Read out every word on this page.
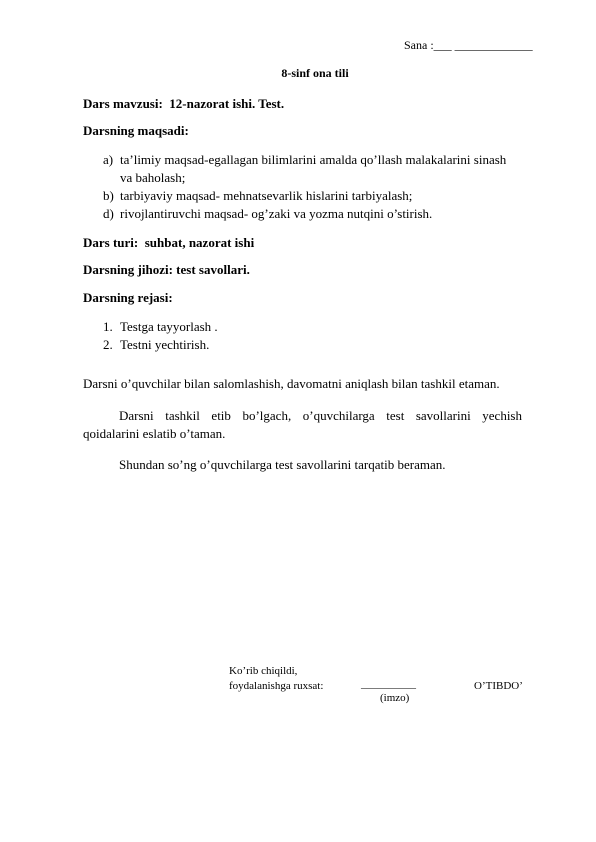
Sana :___ _____________
8-sinf ona tili
Dars mavzusi: 12-nazorat ishi. Test.
Darsning maqsadi:
a) ta’limiy maqsad-egallagan bilimlarini amalda qo’llash malakalarini sinash
va baholash;
b) tarbiyaviy maqsad- mehnatsevarlik hislarini tarbiyalash;
d) rivojlantiruvchi maqsad- og’zaki va yozma nutqini o’stirish.
Dars turi: suhbat, nazorat ishi
Darsning jihozi: test savollari.
Darsning rejasi:
1. Testga tayyorlash .
2. Testni yechtirish.
Darsni o’quvchilar bilan salomlashish, davomatni aniqlash bilan tashkil etaman.
Darsni tashkil etib bo’lgach, o’quvchilarga test savollarini yechish
qoidalarini eslatib o’taman.
Shundan so’ng o’quvchilarga test savollarini tarqatib beraman.
Ko’rib chiqildi,
foydalanishga ruxsat:	__________
(imzo)
O’TIBDO’
